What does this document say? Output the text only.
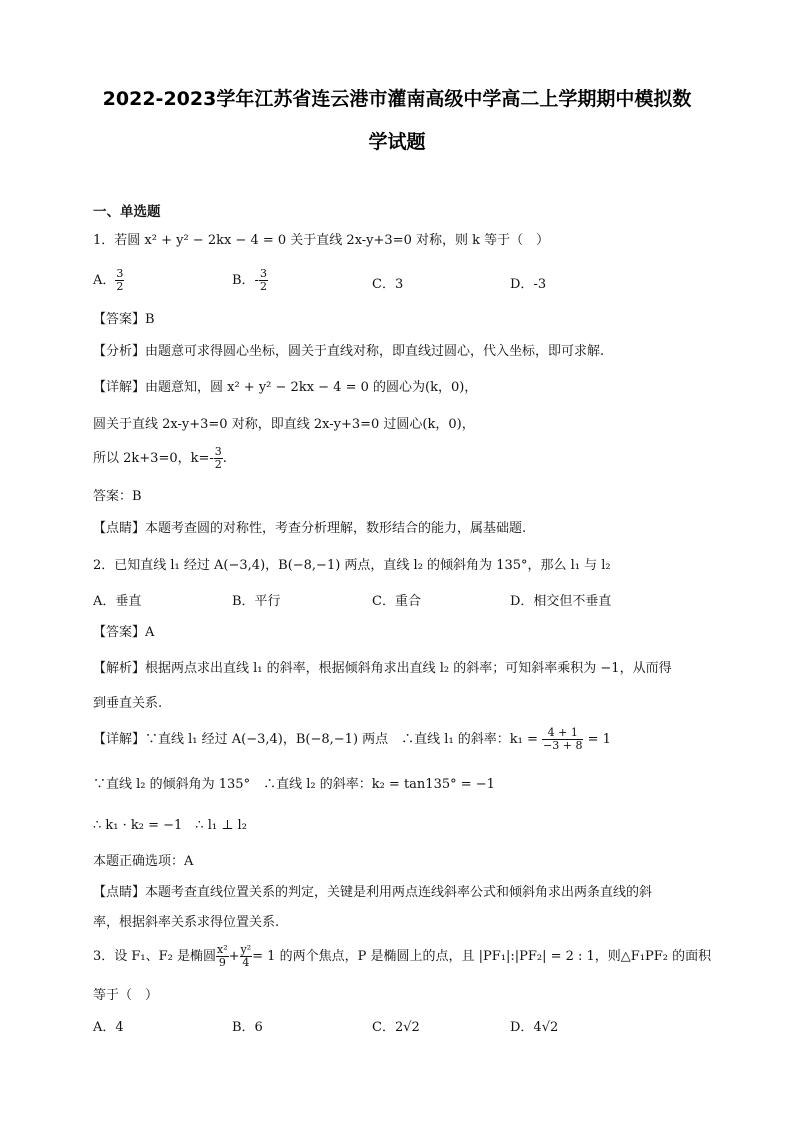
2022-2023学年江苏省连云港市灌南高级中学高二上学期期中模拟数
学试题
一、单选题
1．若圆 x² + y² − 2kx − 4 = 0 关于直线 2x-y+3=0 对称，则 k 等于（　）
A． $\frac{3}{2}$	B．- $\frac{3}{2}$	C．3	D．-3
【答案】B
【分析】由题意可求得圆心坐标，圆关于直线对称，即直线过圆心，代入坐标，即可求解.
【详解】由题意知，圆 x² + y² − 2kx − 4 = 0 的圆心为(k，0)，
圆关于直线 2x-y+3=0 对称，即直线 2x-y+3=0 过圆心(k，0)，
所以 2k+3=0，$k=- \frac{3}{2}$ .
答案：B
【点睛】本题考查圆的对称性，考查分析理解，数形结合的能力，属基础题.
2．已知直线 l₁ 经过 A(−3,4)，B(−8,−1) 两点，直线 l₂ 的倾斜角为 135°，那么 l₁ 与 l₂
A．垂直	B．平行	C．重合	D．相交但不垂直
【答案】A
【解析】根据两点求出直线 l₁ 的斜率，根据倾斜角求出直线 l₂ 的斜率；可知斜率乘积为 −1，从而得
到垂直关系.
【详解】∵直线 l₁ 经过 A(−3,4)，B(−8,−1) 两点　∴直线 l₁ 的斜率：$k_1 = \frac{4 + 1}{-3 + 8} = 1$
∵直线 l₂ 的倾斜角为 135°　∴直线 l₂ 的斜率：k₂ = tan135° = −1
∴ k₁ · k₂ = −1　∴ l₁ ⊥ l₂
本题正确选项：A
【点睛】本题考查直线位置关系的判定，关键是利用两点连线斜率公式和倾斜角求出两条直线的斜
率，根据斜率关系求得位置关系.
3．设 F₁、F₂ 是椭圆 $\frac{\text{x²}}{9} + \frac{\text{y²}}{4} = 1$ 的两个焦点，P 是椭圆上的点，且 |PF₁|:|PF₂| = 2 : 1，则△F₁PF₂ 的面积
等于（　）
A．4	B．6	C．2√2	D．4√2
